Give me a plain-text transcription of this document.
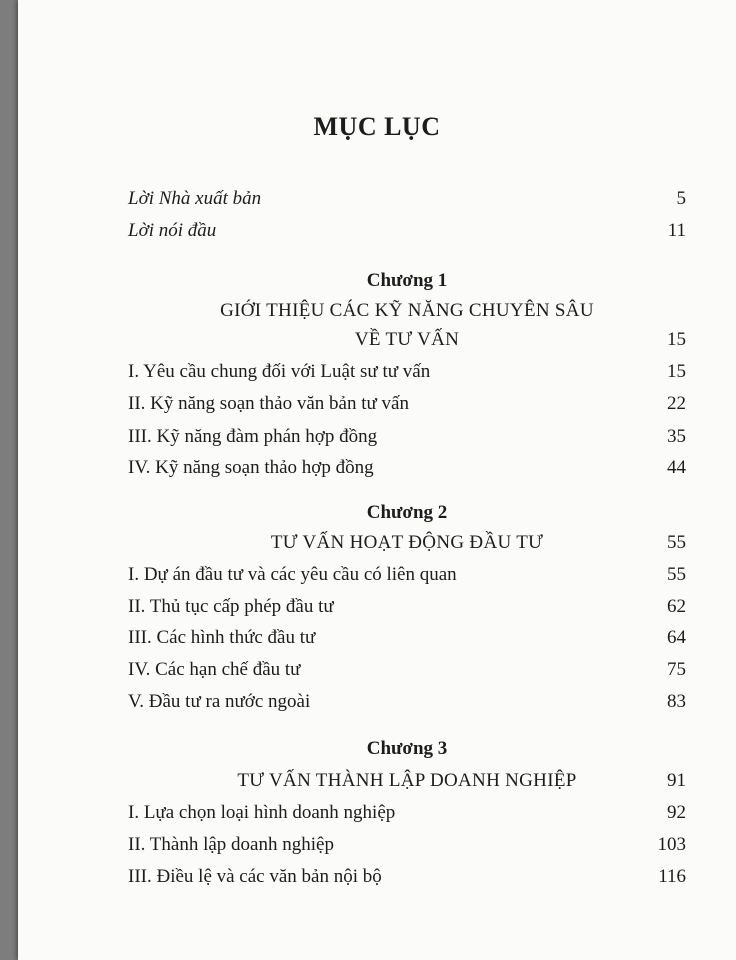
MỤC LỤC
Lời Nhà xuất bản	5
Lời nói đầu	11
Chương 1
GIỚI THIỆU CÁC KỸ NĂNG CHUYÊN SÂU
VỀ TƯ VẤN	15
I. Yêu cầu chung đối với Luật sư tư vấn	15
II. Kỹ năng soạn thảo văn bản tư vấn	22
III. Kỹ năng đàm phán hợp đồng	35
IV. Kỹ năng soạn thảo hợp đồng	44
Chương 2
TƯ VẤN HOẠT ĐỘNG ĐẦU TƯ	55
I. Dự án đầu tư và các yêu cầu có liên quan	55
II. Thủ tục cấp phép đầu tư	62
III. Các hình thức đầu tư	64
IV. Các hạn chế đầu tư	75
V. Đầu tư ra nước ngoài	83
Chương 3
TƯ VẤN THÀNH LẬP DOANH NGHIỆP	91
I. Lựa chọn loại hình doanh nghiệp	92
II. Thành lập doanh nghiệp	103
III. Điều lệ và các văn bản nội bộ	116
